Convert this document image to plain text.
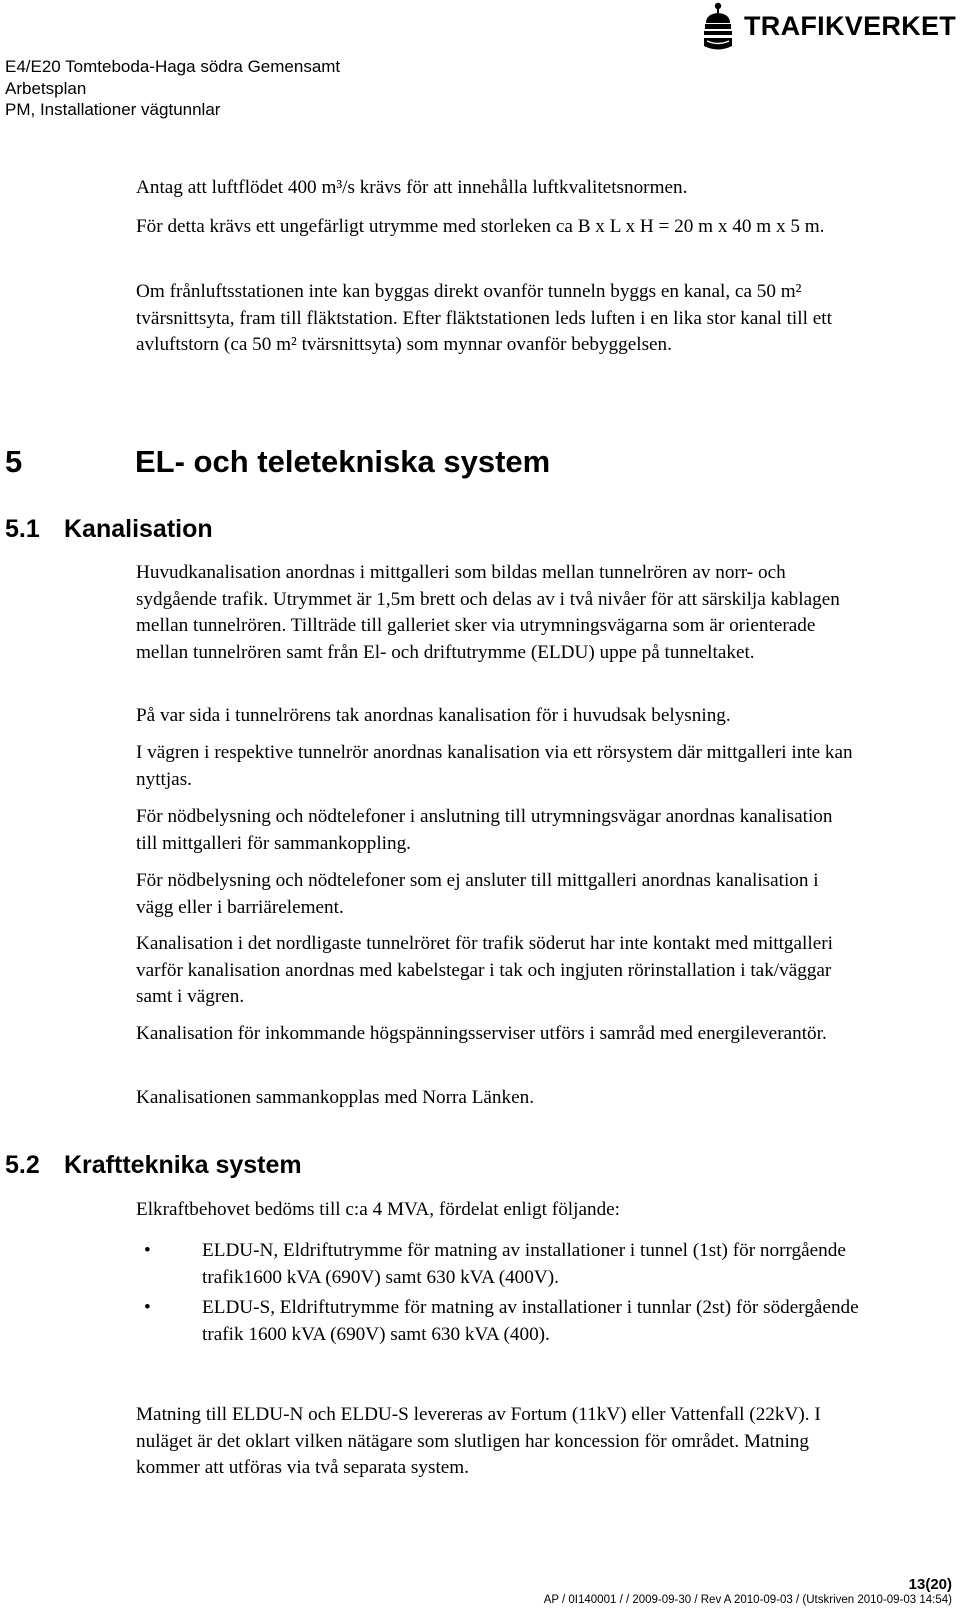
E4/E20 Tomteboda-Haga södra Gemensamt
Arbetsplan
PM, Installationer vägtunnlar
TRAFIKVERKET

Antag att luftflödet 400 m³/s krävs för att innehålla luftkvalitetsnormen.

För detta krävs ett ungefärligt utrymme med storleken ca B x L x H = 20 m x 40 m x 5 m.

Om frånluftsstationen inte kan byggas direkt ovanför tunneln byggs en kanal, ca 50 m² tvärsnittsyta, fram till fläktstation. Efter fläktstationen leds luften i en lika stor kanal till ett avluftstorn (ca 50 m² tvärsnittsyta) som mynnar ovanför bebyggelsen.

5	EL- och teletekniska system
5.1 Kanalisation

Huvudkanalisation anordnas i mittgalleri som bildas mellan tunnelrören av norr- och sydgående trafik. Utrymmet är 1,5m brett och delas av i två nivåer för att särskilja kablagen mellan tunnelrören. Tillträde till galleriet sker via utrymningsvägarna som är orienterade mellan tunnelrören samt från El- och driftutrymme (ELDU) uppe på tunneltaket.

På var sida i tunnelrörens tak anordnas kanalisation för i huvudsak belysning.

I vägren i respektive tunnelrör anordnas kanalisation via ett rörsystem där mittgalleri inte kan nyttjas.

För nödbelysning och nödtelefoner i anslutning till utrymningsvägar anordnas kanalisation till mittgalleri för sammankoppling.

För nödbelysning och nödtelefoner som ej ansluter till mittgalleri anordnas kanalisation i vägg eller i barriärelement.

Kanalisation i det nordligaste tunnelröret för trafik söderut har inte kontakt med mittgalleri varför kanalisation anordnas med kabelstegar i tak och ingjuten rörinstallation i tak/väggar samt i vägren.

Kanalisation för inkommande högspänningsserviser utförs i samråd med energileverantör.

Kanalisationen sammankopplas med Norra Länken.

5.2 Kraftteknika system

Elkraftbehovet bedöms till c:a 4 MVA, fördelat enligt följande:

•	ELDU-N, Eldriftutrymme för matning av installationer i tunnel (1st) för norrgående trafik1600 kVA (690V) samt 630 kVA (400V).
•	ELDU-S, Eldriftutrymme för matning av installationer i tunnlar (2st) för södergående trafik 1600 kVA (690V) samt 630 kVA (400).

Matning till ELDU-N och ELDU-S levereras av Fortum (11kV) eller Vattenfall (22kV). I nuläget är det oklart vilken nätägare som slutligen har koncession för området. Matning kommer att utföras via två separata system.

13(20)
AP / 0I140001 / / 2009-09-30 / Rev A 2010-09-03 / (Utskriven 2010-09-03 14:54)
